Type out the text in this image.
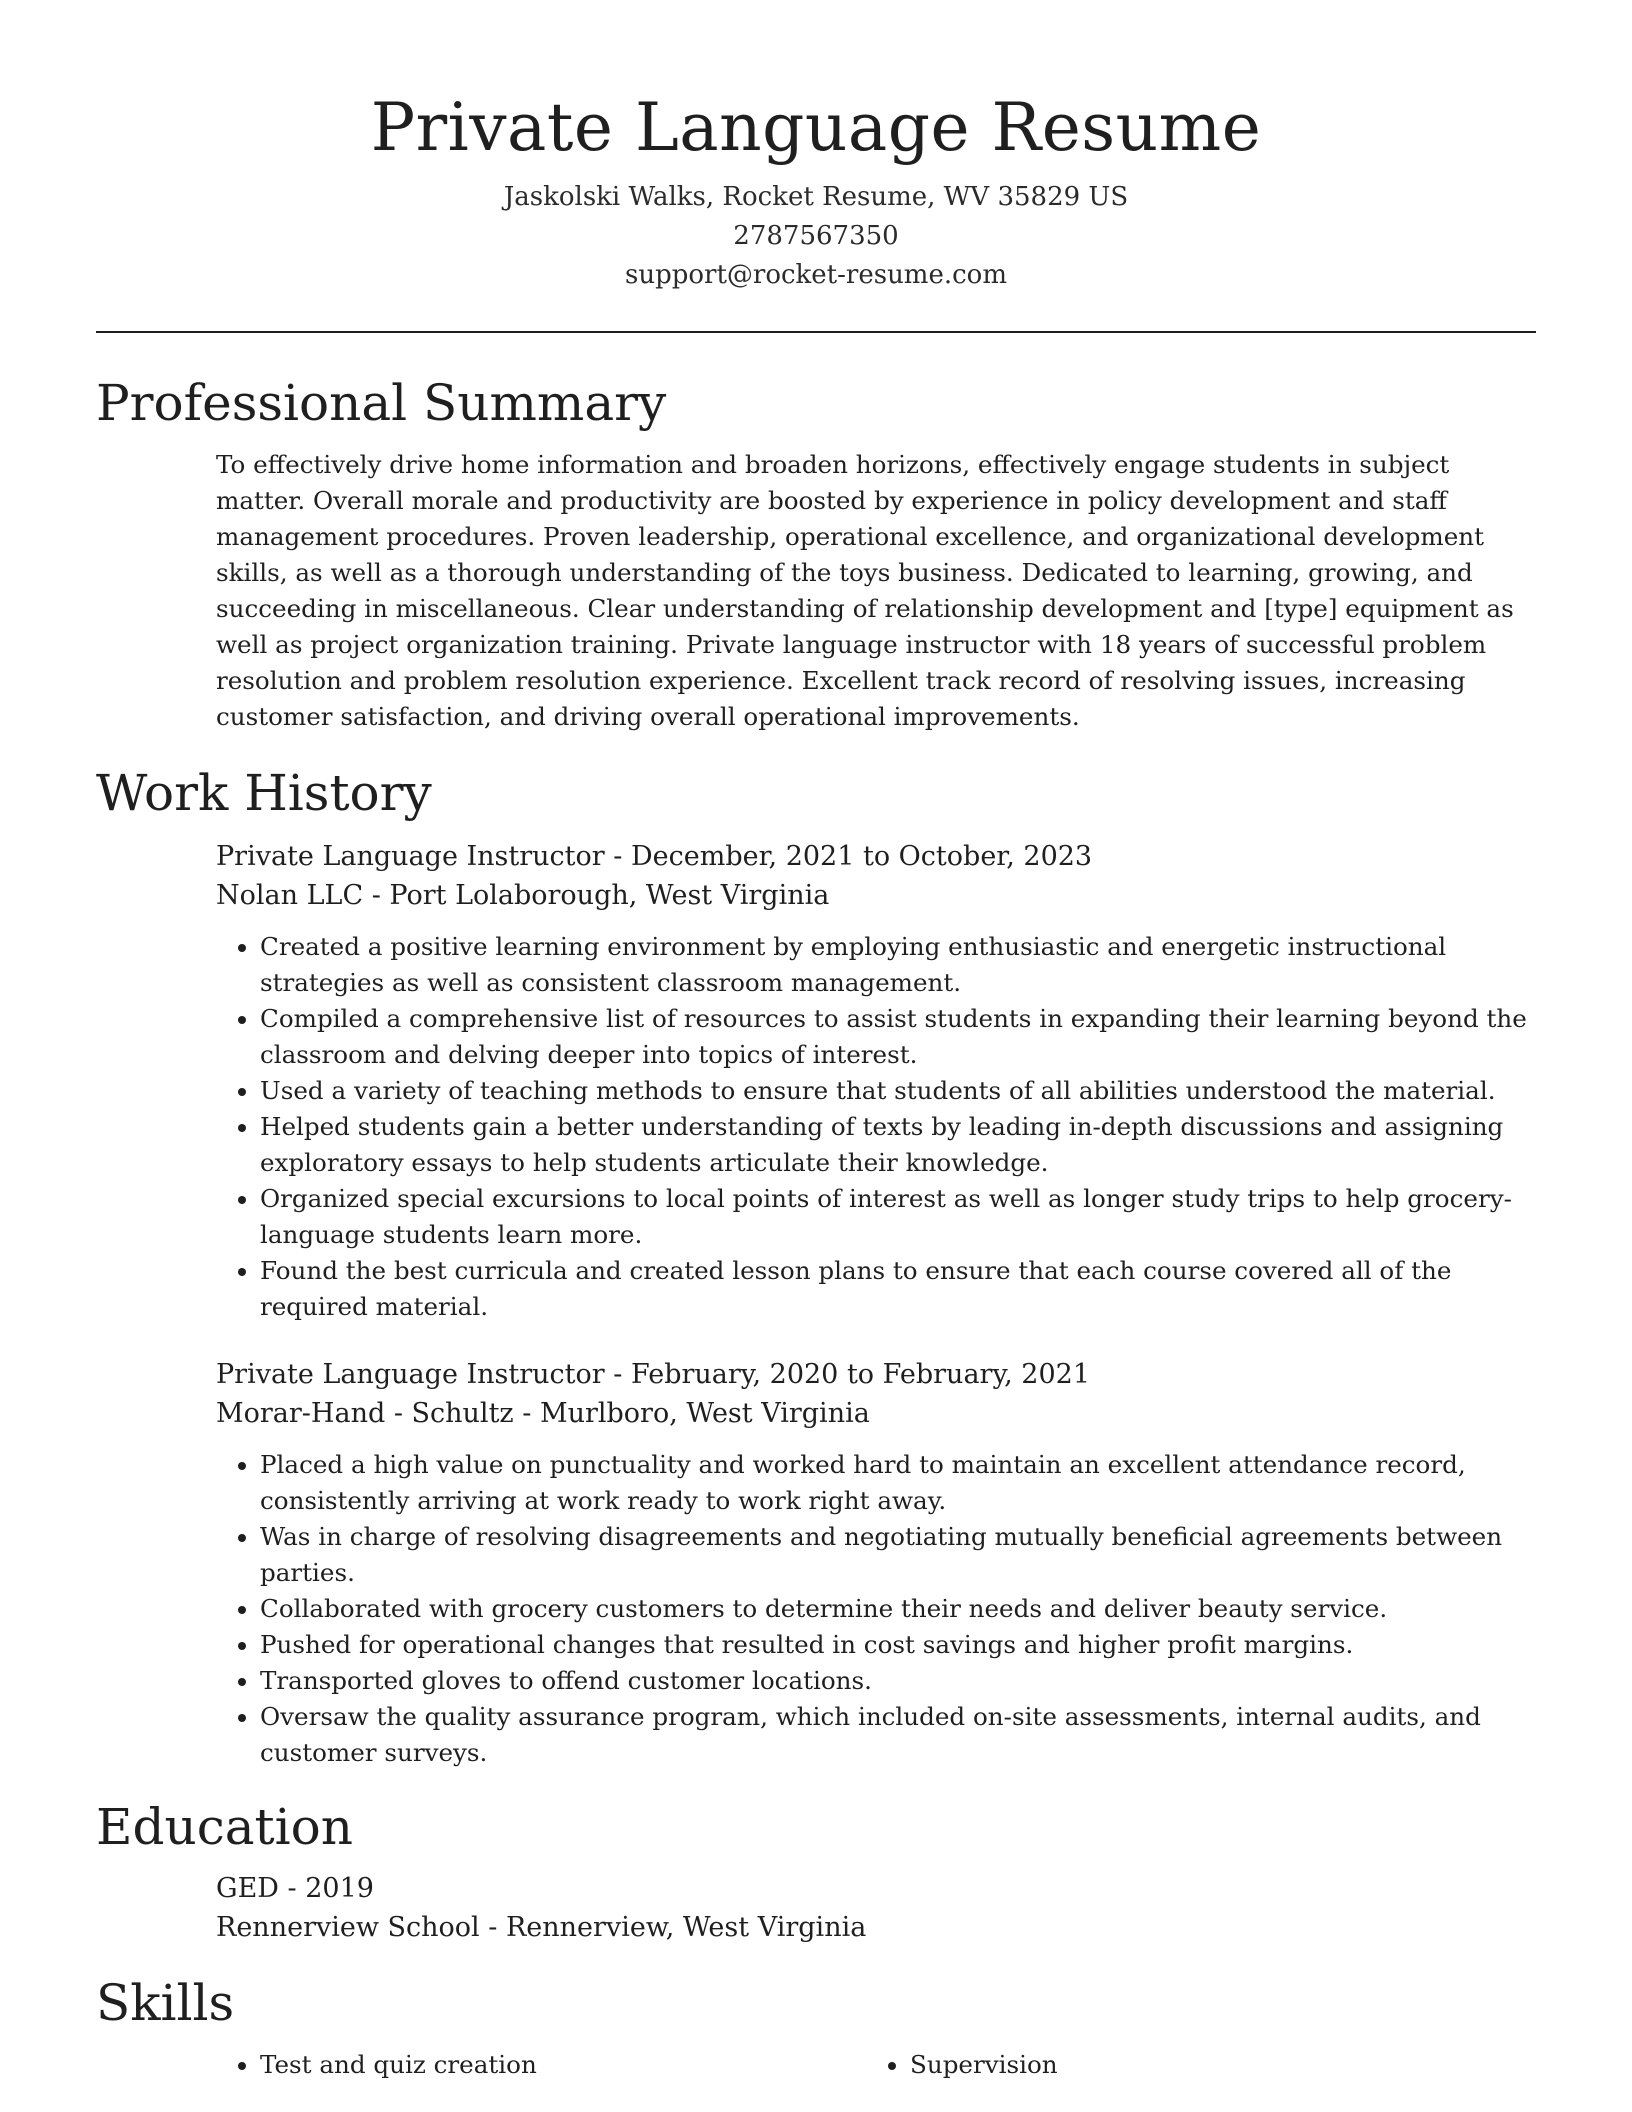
Private Language Resume
Jaskolski Walks, Rocket Resume, WV 35829 US
2787567350
support@rocket-resume.com
Professional Summary

To effectively drive home information and broaden horizons, effectively engage students in subject matter. Overall morale and productivity are boosted by experience in policy development and staff management procedures. Proven leadership, operational excellence, and organizational development skills, as well as a thorough understanding of the toys business. Dedicated to learning, growing, and succeeding in miscellaneous. Clear understanding of relationship development and [type] equipment as well as project organization training. Private language instructor with 18 years of successful problem resolution and problem resolution experience. Excellent track record of resolving issues, increasing customer satisfaction, and driving overall operational improvements.

Work History

Private Language Instructor - December, 2021 to October, 2023

Nolan LLC - Port Lolaborough, West Virginia

• Created a positive learning environment by employing enthusiastic and energetic instructional strategies as well as consistent classroom management.
• Compiled a comprehensive list of resources to assist students in expanding their learning beyond the classroom and delving deeper into topics of interest.
• Used a variety of teaching methods to ensure that students of all abilities understood the material.
• Helped students gain a better understanding of texts by leading in-depth discussions and assigning exploratory essays to help students articulate their knowledge.
• Organized special excursions to local points of interest as well as longer study trips to help grocery-language students learn more.
• Found the best curricula and created lesson plans to ensure that each course covered all of the required material.

Private Language Instructor - February, 2020 to February, 2021

Morar-Hand - Schultz - Murlboro, West Virginia

• Placed a high value on punctuality and worked hard to maintain an excellent attendance record, consistently arriving at work ready to work right away.
• Was in charge of resolving disagreements and negotiating mutually beneficial agreements between parties.
• Collaborated with grocery customers to determine their needs and deliver beauty service.
• Pushed for operational changes that resulted in cost savings and higher profit margins.
• Transported gloves to offend customer locations.
• Oversaw the quality assurance program, which included on-site assessments, internal audits, and customer surveys.
Education

GED - 2019

Rennerview School - Rennerview, West Virginia

Skills
• Test and quiz creation
•	Supervision
